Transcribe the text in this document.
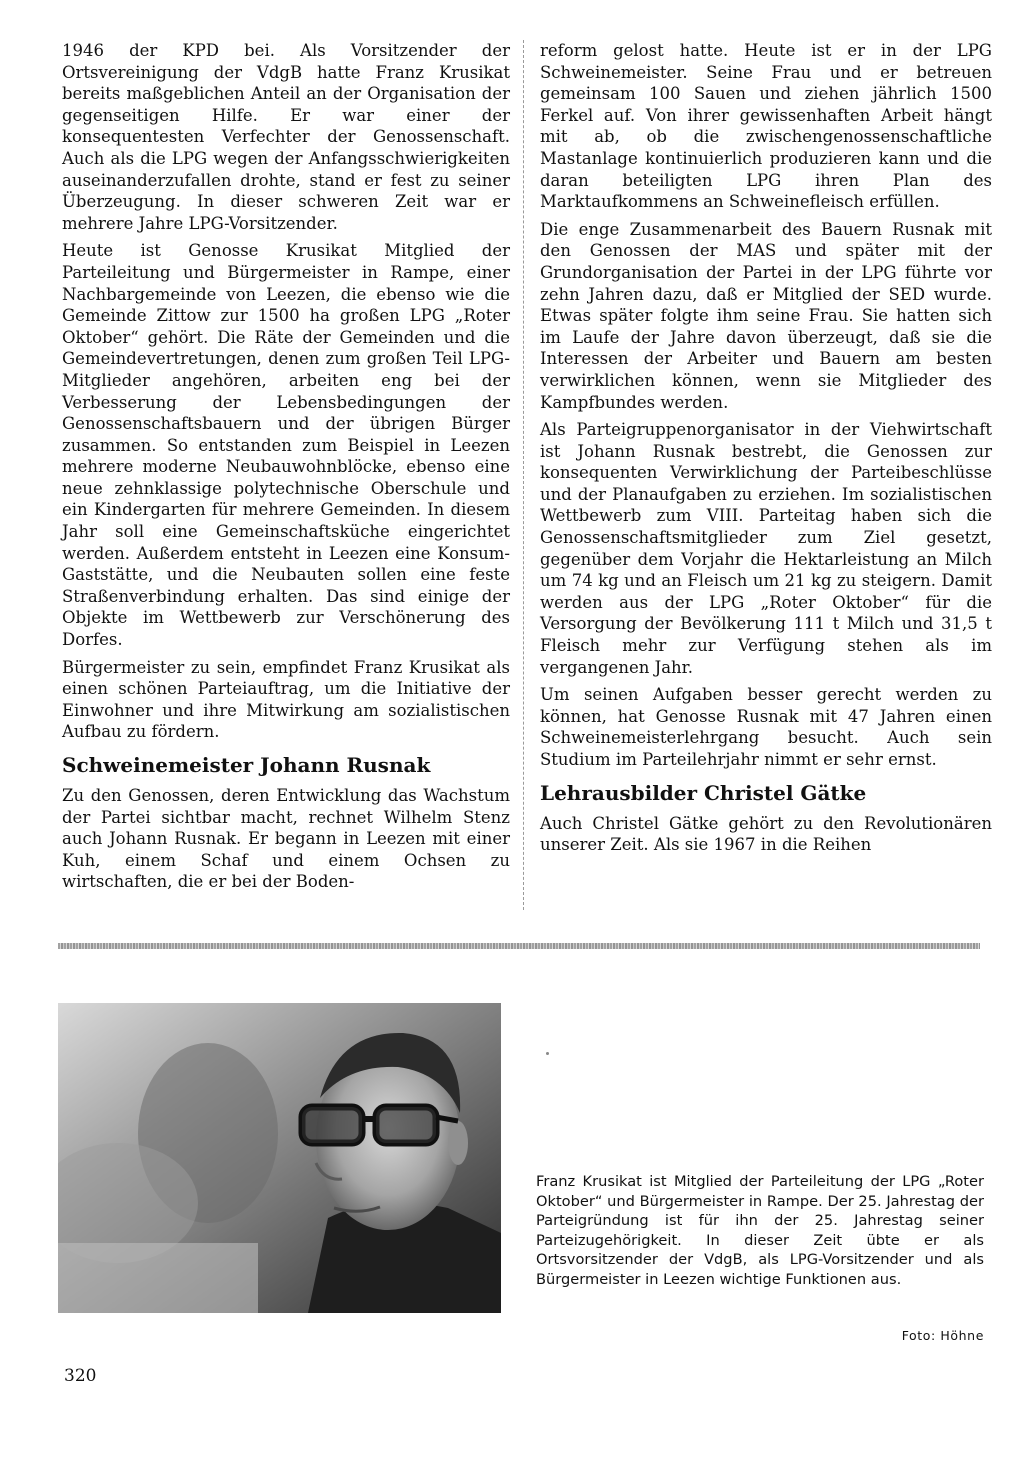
1946 der KPD bei. Als Vorsitzender der Ortsvereinigung der VdgB hatte Franz Krusikat bereits maßgeblichen Anteil an der Organisation der gegenseitigen Hilfe. Er war einer der konsequentesten Verfechter der Genossenschaft. Auch als die LPG wegen der Anfangsschwierigkeiten auseinanderzufallen drohte, stand er fest zu seiner Überzeugung. In dieser schweren Zeit war er mehrere Jahre LPG-Vorsitzender.

Heute ist Genosse Krusikat Mitglied der Parteileitung und Bürgermeister in Rampe, einer Nachbargemeinde von Leezen, die ebenso wie die Gemeinde Zittow zur 1500 ha großen LPG „Roter Oktober“ gehört. Die Räte der Gemeinden und die Gemeindevertretungen, denen zum großen Teil LPG-Mitglieder angehören, arbeiten eng bei der Verbesserung der Lebensbedingungen der Genossenschaftsbauern und der übrigen Bürger zusammen. So entstanden zum Beispiel in Leezen mehrere moderne Neubauwohnblöcke, ebenso eine neue zehnklassige polytechnische Oberschule und ein Kindergarten für mehrere Gemeinden. In diesem Jahr soll eine Gemeinschaftsküche eingerichtet werden. Außerdem entsteht in Leezen eine Konsum-Gaststätte, und die Neubauten sollen eine feste Straßenverbindung erhalten. Das sind einige der Objekte im Wettbewerb zur Verschönerung des Dorfes.

Bürgermeister zu sein, empfindet Franz Krusikat als einen schönen Parteiauftrag, um die Initiative der Einwohner und ihre Mitwirkung am sozialistischen Aufbau zu fördern.

Schweinemeister Johann Rusnak

Zu den Genossen, deren Entwicklung das Wachstum der Partei sichtbar macht, rechnet Wilhelm Stenz auch Johann Rusnak. Er begann in Leezen mit einer Kuh, einem Schaf und einem Ochsen zu wirtschaften, die er bei der Boden-

reform gelost hatte. Heute ist er in der LPG Schweinemeister. Seine Frau und er betreuen gemeinsam 100 Sauen und ziehen jährlich 1500 Ferkel auf. Von ihrer gewissenhaften Arbeit hängt mit ab, ob die zwischengenossenschaftliche Mastanlage kontinuierlich produzieren kann und die daran beteiligten LPG ihren Plan des Marktaufkommens an Schweinefleisch erfüllen.

Die enge Zusammenarbeit des Bauern Rusnak mit den Genossen der MAS und später mit der Grundorganisation der Partei in der LPG führte vor zehn Jahren dazu, daß er Mitglied der SED wurde. Etwas später folgte ihm seine Frau. Sie hatten sich im Laufe der Jahre davon überzeugt, daß sie die Interessen der Arbeiter und Bauern am besten verwirklichen können, wenn sie Mitglieder des Kampfbundes werden.

Als Parteigruppenorganisator in der Viehwirtschaft ist Johann Rusnak bestrebt, die Genossen zur konsequenten Verwirklichung der Parteibeschlüsse und der Planaufgaben zu erziehen. Im sozialistischen Wettbewerb zum VIII. Parteitag haben sich die Genossenschaftsmitglieder zum Ziel gesetzt, gegenüber dem Vorjahr die Hektarleistung an Milch um 74 kg und an Fleisch um 21 kg zu steigern. Damit werden aus der LPG „Roter Oktober“ für die Versorgung der Bevölkerung 111 t Milch und 31,5 t Fleisch mehr zur Verfügung stehen als im vergangenen Jahr.

Um seinen Aufgaben besser gerecht werden zu können, hat Genosse Rusnak mit 47 Jahren einen Schweinemeisterlehrgang besucht. Auch sein Studium im Parteilehrjahr nimmt er sehr ernst.

Lehrausbilder Christel Gätke

Auch Christel Gätke gehört zu den Revolutionären unserer Zeit. Als sie 1967 in die Reihen

Franz Krusikat ist Mitglied der Parteileitung der LPG „Roter Oktober“ und Bürgermeister in Rampe. Der 25. Jahrestag der Parteigründung ist für ihn der 25. Jahrestag seiner Parteizugehörigkeit. In dieser Zeit übte er als Ortsvorsitzender der VdgB, als LPG-Vorsitzender und als Bürgermeister in Leezen wichtige Funktionen aus.
Foto: Höhne
320
